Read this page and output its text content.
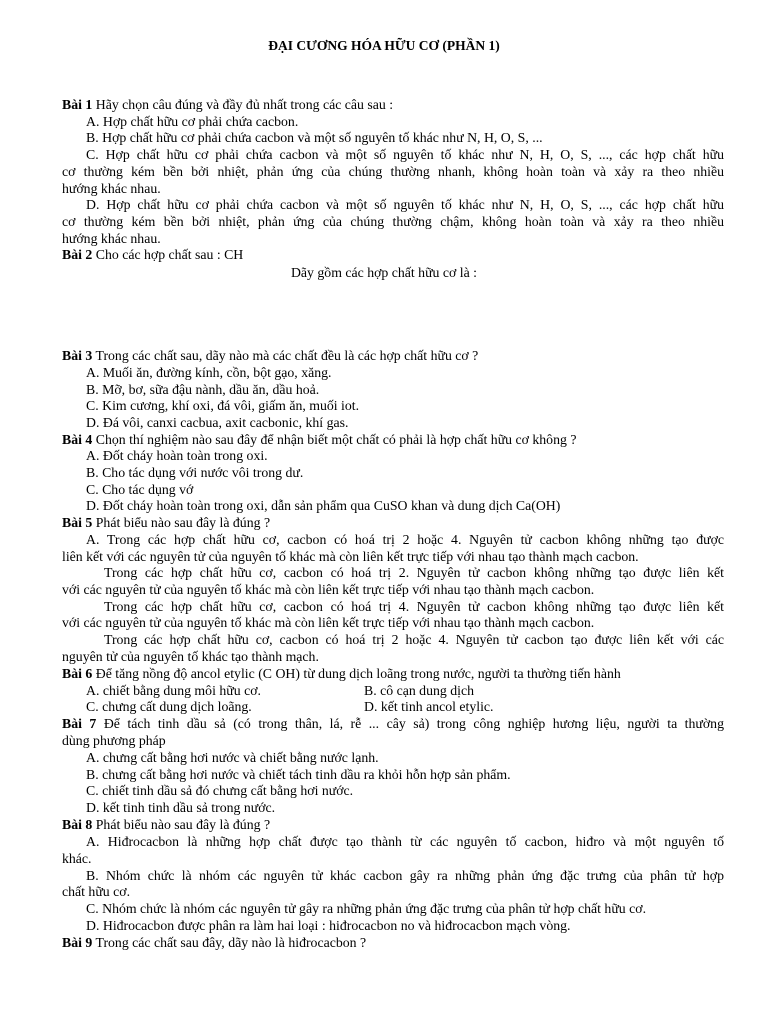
ĐẠI CƯƠNG HÓA HỮU CƠ (PHẦN 1)
Bài 1 Hãy chọn câu đúng và đầy đủ nhất trong các câu sau :
A. Hợp chất hữu cơ phải chứa cacbon.
B. Hợp chất hữu cơ phải chứa cacbon và một số nguyên tố khác như N, H, O, S, ...
C. Hợp chất hữu cơ phải chứa cacbon và một số nguyên tố khác như N, H, O, S, ..., các hợp chất hữu
cơ thường kém bền bởi nhiệt, phản ứng của chúng thường nhanh, không hoàn toàn và xảy ra theo nhiều
hướng khác nhau.
D. Hợp chất hữu cơ phải chứa cacbon và một số nguyên tố khác như N, H, O, S, ..., các hợp chất hữu
cơ thường kém bền bởi nhiệt, phản ứng của chúng thường chậm, không hoàn toàn và xảy ra theo nhiều
hướng khác nhau.
Bài 2 Cho các hợp chất sau : CH
Dãy gồm các hợp chất hữu cơ là :
Bài 3 Trong các chất sau, dãy nào mà các chất đều là các hợp chất hữu cơ ?
A. Muối ăn, đường kính, cồn, bột gạo, xăng.
B. Mỡ, bơ, sữa đậu nành, dầu ăn, dầu hoả.
C. Kim cương, khí oxi, đá vôi, giấm ăn, muối iot.
D. Đá vôi, canxi cacbua, axit cacbonic, khí gas.
Bài 4 Chọn thí nghiệm nào sau đây để nhận biết một chất có phải là hợp chất hữu cơ không ?
A. Đốt cháy hoàn toàn trong oxi.
B. Cho tác dụng với nước vôi trong dư.
C. Cho tác dụng vớ
D. Đốt cháy hoàn toàn trong oxi, dẫn sản phẩm qua CuSO khan và dung dịch Ca(OH)
Bài 5 Phát biểu nào sau đây là đúng ?
A. Trong các hợp chất hữu cơ, cacbon có hoá trị 2 hoặc 4. Nguyên tử cacbon không những tạo được
liên kết với các nguyên tử của nguyên tố khác mà còn liên kết trực tiếp với nhau tạo thành mạch cacbon.
Trong các hợp chất hữu cơ, cacbon có hoá trị 2. Nguyên tử cacbon không những tạo được liên kết
với các nguyên tử của nguyên tố khác mà còn liên kết trực tiếp với nhau tạo thành mạch cacbon.
Trong các hợp chất hữu cơ, cacbon có hoá trị 4. Nguyên tử cacbon không những tạo được liên kết
với các nguyên tử của nguyên tố khác mà còn liên kết trực tiếp với nhau tạo thành mạch cacbon.
Trong các hợp chất hữu cơ, cacbon có hoá trị 2 hoặc 4. Nguyên tử cacbon tạo được liên kết với các
nguyên tử của nguyên tố khác tạo thành mạch.
Bài 6 Để tăng nồng độ ancol etylic (C OH) từ dung dịch loãng trong nước, người ta thường tiến hành
A. chiết bằng dung môi hữu cơ.	B. cô cạn dung dịch
C. chưng cất dung dịch loãng.	D. kết tinh ancol etylic.
Bài 7 Để tách tinh dầu sả (có trong thân, lá, rễ ... cây sả) trong công nghiệp hương liệu, người ta thường
dùng phương pháp
A. chưng cất bằng hơi nước và chiết bằng nước lạnh.
B. chưng cất bằng hơi nước và chiết tách tinh dầu ra khỏi hỗn hợp sản phẩm.
C. chiết tinh dầu sả đó chưng cất bằng hơi nước.
D. kết tinh tinh dầu sả trong nước.
Bài 8 Phát biểu nào sau đây là đúng ?
A. Hiđrocacbon là những hợp chất được tạo thành từ các nguyên tố cacbon, hiđro và một nguyên tố
khác.
B. Nhóm chức là nhóm các nguyên tử khác cacbon gây ra những phản ứng đặc trưng của phân tử hợp
chất hữu cơ.
C. Nhóm chức là nhóm các nguyên tử gây ra những phản ứng đặc trưng của phân tử hợp chất hữu cơ.
D. Hiđrocacbon được phân ra làm hai loại : hiđrocacbon no và hiđrocacbon mạch vòng.
Bài 9 Trong các chất sau đây, dãy nào là hiđrocacbon ?
